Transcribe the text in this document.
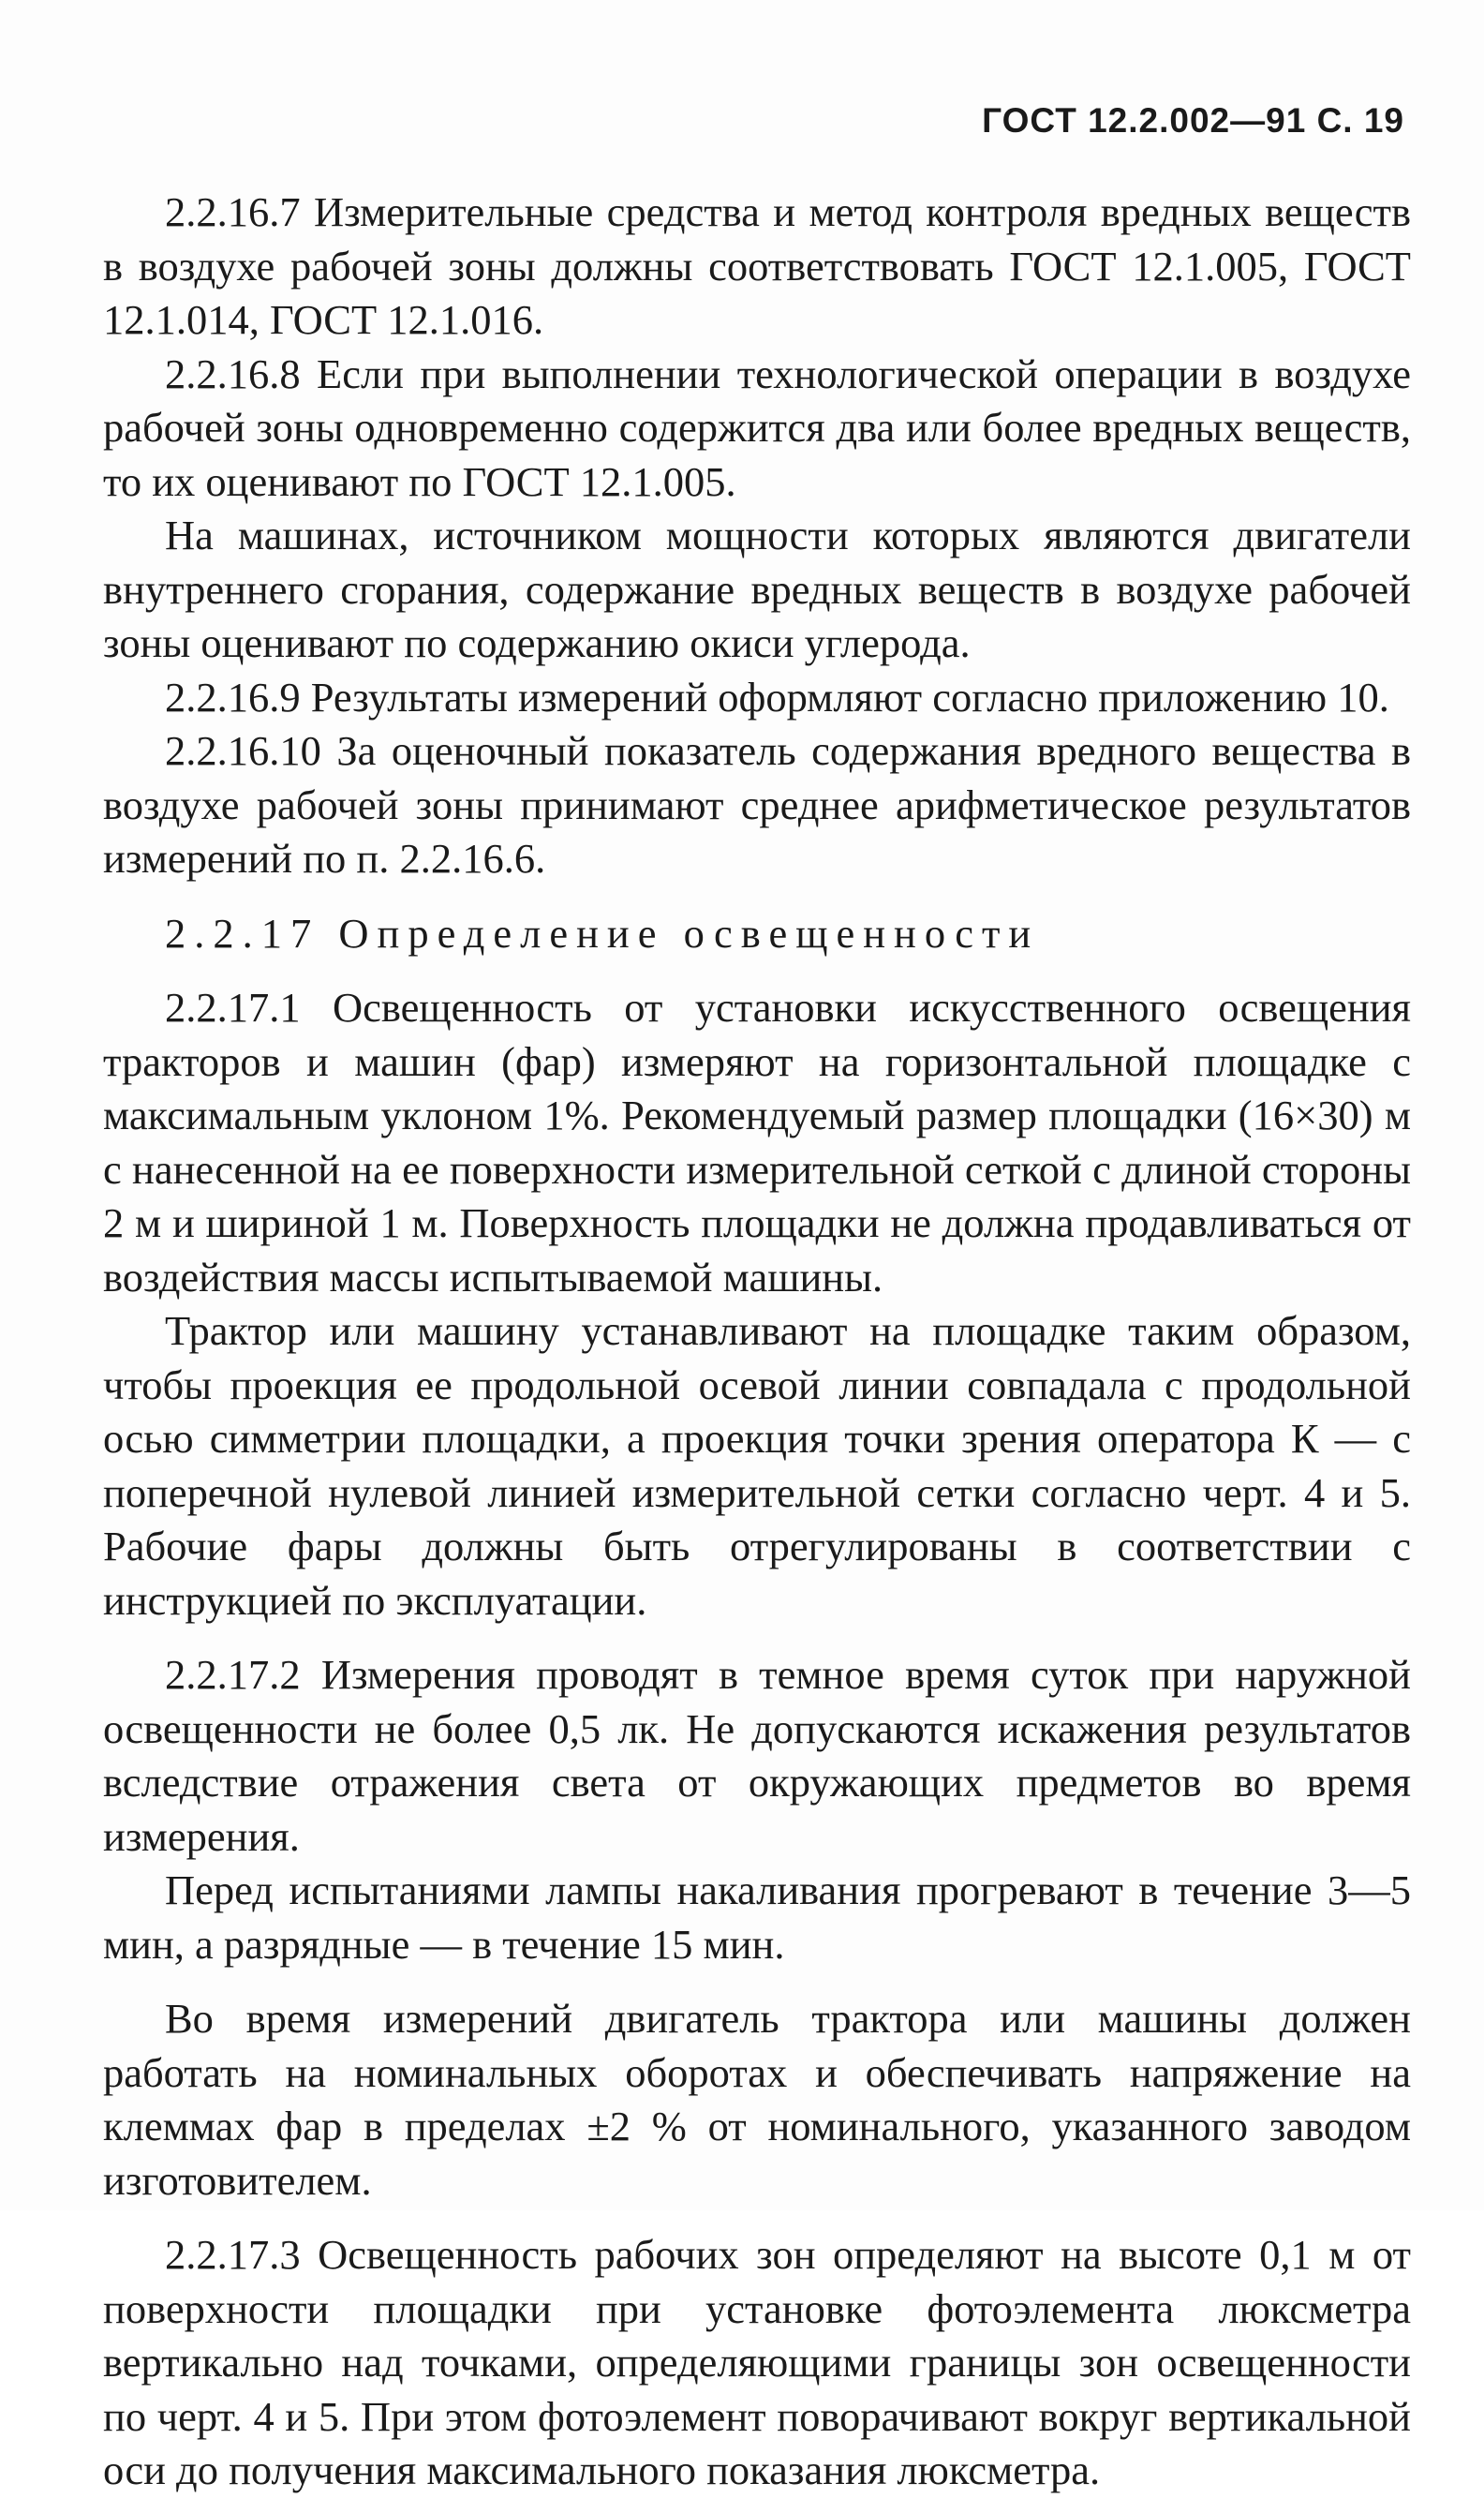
ГОСТ 12.2.002—91 С. 19

2.2.16.7 Измерительные средства и метод контроля вредных веществ в воздухе рабочей зоны должны соответствовать ГОСТ 12.1.005, ГОСТ 12.1.014, ГОСТ 12.1.016.

2.2.16.8 Если при выполнении технологической операции в воздухе рабочей зоны одновременно содержится два или более вредных веществ, то их оценивают по ГОСТ 12.1.005.

На машинах, источником мощности которых являются двигатели внутреннего сгорания, содержание вредных веществ в воздухе рабочей зоны оценивают по содержанию окиси углерода.

2.2.16.9 Результаты измерений оформляют согласно приложению 10.

2.2.16.10 За оценочный показатель содержания вредного вещества в воздухе рабочей зоны принимают среднее арифметическое результатов измерений по п. 2.2.16.6.

2.2.17 Определение освещенности

2.2.17.1 Освещенность от установки искусственного освещения тракторов и машин (фар) измеряют на горизонтальной площадке с максимальным уклоном 1%. Рекомендуемый размер площадки (16×30) м с нанесенной на ее поверхности измерительной сеткой с длиной стороны 2 м и шириной 1 м. Поверхность площадки не должна продавливаться от воздействия массы испытываемой машины.

Трактор или машину устанавливают на площадке таким образом, чтобы проекция ее продольной осевой линии совпадала с продольной осью симметрии площадки, а проекция точки зрения оператора К — с поперечной нулевой линией измерительной сетки согласно черт. 4 и 5. Рабочие фары должны быть отрегулированы в соответствии с инструкцией по эксплуатации.

2.2.17.2 Измерения проводят в темное время суток при наружной освещенности не более 0,5 лк. Не допускаются искажения результатов вследствие отражения света от окружающих предметов во время измерения.

Перед испытаниями лампы накаливания прогревают в течение 3—5 мин, а разрядные — в течение 15 мин.

Во время измерений двигатель трактора или машины должен работать на номинальных оборотах и обеспечивать напряжение на клеммах фар в пределах ±2 % от номинального, указанного заводом изготовителем.

2.2.17.3 Освещенность рабочих зон определяют на высоте 0,1 м от поверхности площадки при установке фотоэлемента люксметра вертикально над точками, определяющими границы зон освещенности по черт. 4 и 5. При этом фотоэлемент поворачивают вокруг вертикальной оси до получения максимального показания люксметра.
